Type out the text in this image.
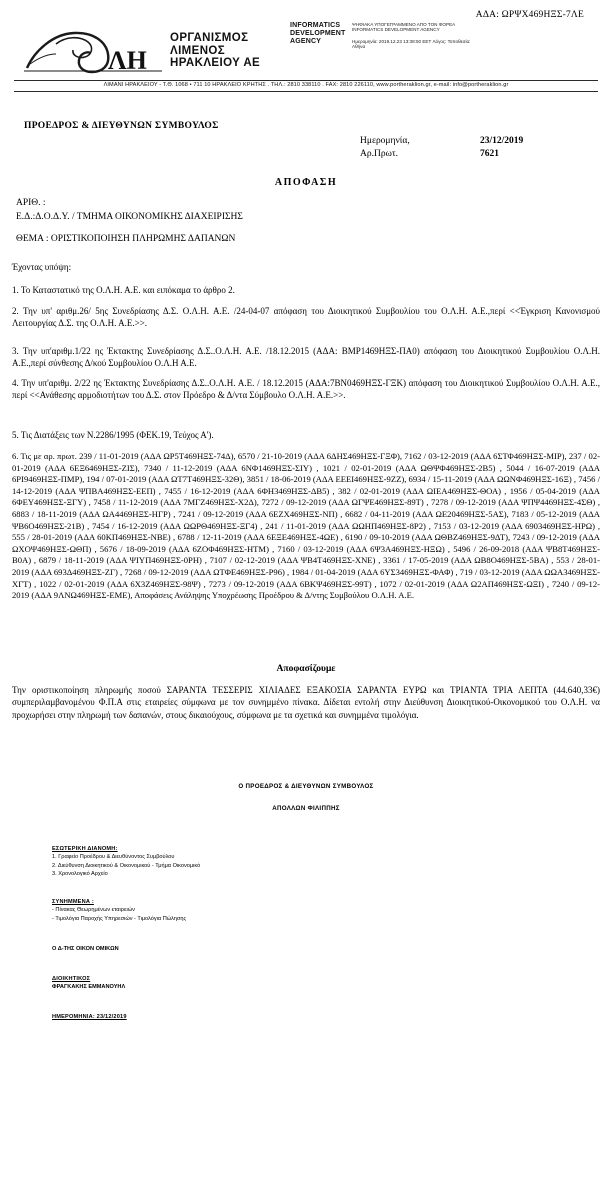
ΑΔΑ: ΩΡΨΧ469ΗΞΣ-7ΛΕ
ΛΗ
ΟΡΓΑΝΙΣΜΟΣ
ΛΙΜΕΝΟΣ
ΗΡΑΚΛΕΙΟΥ ΑΕ
INFORMATICS
DEVELOPMENT
AGENCY
ΨΗΦΙΑΚΑ ΥΠΟΓΕΓΡΑΜΜΕΝΟ ΑΠΟ ΤΟΝ ΦΟΡΕΑ INFORMATICS DEVELOPMENT AGENCY
Ημερομηνία: 2019.12.23 13:38:50 EET Λόγος: Τοποθεσία: Αθήνα
ΛΙΜΑΝΙ ΗΡΑΚΛΕΙΟΥ - Τ.Θ. 1068 • 711 10 ΗΡΑΚΛΕΙΟ ΚΡΗΤΗΣ . ΤΗΛ.: 2810 338110 . FAX: 2810 226110, www.portheraklion.gr, e-mail: info@portheraklion.gr
ΠΡΟΕΔΡΟΣ & ΔΙΕΥΘΥΝΩΝ ΣΥΜΒΟΥΛΟΣ
Ημερομηνία,	23/12/2019
Αρ.Πρωτ.	7621
ΑΠΟΦΑΣΗ
ΑΡΙΘ. :
Ε.Δ.:Δ.Ο.Δ.Υ. / ΤΜΗΜΑ ΟΙΚΟΝΟΜΙΚΗΣ ΔΙΑΧΕΙΡΙΣΗΣ
ΘΕΜΑ : ΟΡΙΣΤΙΚΟΠΟΙΗΣΗ ΠΛΗΡΩΜΗΣ ΔΑΠΑΝΩΝ
Έχοντας υπόψη:
1. Το Καταστατικό της Ο.Λ.Η. Α.Ε. και ειπόκαμα το άρθρο 2.
2. Την υπ' αριθμ.26/ 5ης Συνεδρίασης Δ.Σ. Ο.Λ.Η. Α.Ε. /24-04-07 απόφαση του Διοικητικού Συμβουλίου του Ο.Λ.Η. Α.Ε.,περί <<Έγκριση Κανονισμού Λειτουργίας Δ.Σ. της Ο.Λ.Η. Α.Ε.>>.
3. Την υπ'αριθμ.1/22 ης Έκτακτης Συνεδρίασης Δ.Σ..Ο.Λ.Η. Α.Ε. /18.12.2015 (ΑΔΑ: ΒΜΡ1469ΗΞΣ-ΠΑ0) απόφαση του Διοικητικού Συμβουλίου Ο.Λ.Η. Α.Ε.,περί σύνθεσης Δ/κού Συμβουλίου Ο.Λ.Η Α.Ε.
4. Την υπ'αριθμ. 2/22 ης Έκτακτης Συνεδρίασης Δ.Σ..Ο.Λ.Η. Α.Ε. / 18.12.2015 (ΑΔΑ:7ΒΝ0469ΗΞΣ-ΓΞΚ) απόφαση του Διοικητικού Συμβουλίου Ο.Λ.Η. Α.Ε., περί <<Ανάθεσης αρμοδιοτήτων του Δ.Σ. στον Πρόεδρο & Δ/ντα Σύμβουλο Ο.Λ.Η. Α.Ε.>>.
5. Τις Διατάξεις των Ν.2286/1995 (ΦΕΚ.19, Τεύχος Α').
6. Τις με αρ. πρωτ. 239 / 11-01-2019 (ΑΔΑ ΩΡ5Τ469ΗΞΣ-74Δ), 6570 / 21-10-2019 (ΑΔΑ 6ΔΗΣ469ΗΞΣ-ΓΞΦ), 7162 / 03-12-2019 (ΑΔΑ 6ΣΤΦ469ΗΞΣ-ΜΙΡ), 237 / 02-01-2019 (ΑΔΑ 6ΕΞ6469ΗΞΣ-ΖΙΣ), 7340 / 11-12-2019 (ΑΔΑ 6ΝΦ1469ΗΞΣ-ΣΙΥ) , 1021 / 02-01-2019 (ΑΔΑ ΩΘΨΦ469ΗΞΣ-2Β5) , 5044 / 16-07-2019 (ΑΔΑ 6ΡΙ9469ΗΞΣ-ΠΜΡ), 194 / 07-01-2019 (ΑΔΑ ΩΤ7Τ469ΗΞΣ-32Θ), 3851 / 18-06-2019 (ΑΔΑ ΕΕΕΙ469ΗΞΣ-9ΖΖ), 6934 / 15-11-2019 (ΑΔΑ ΩΩΝΦ469ΗΞΣ-16Ξ) , 7456 / 14-12-2019 (ΑΔΑ ΨΠΒΑ469ΗΞΣ-ΕΕΠ) , 7455 / 16-12-2019 (ΑΔΑ 6ΦΗ3469ΗΞΣ-ΔΒ5) , 382 / 02-01-2019 (ΑΔΑ ΩΙΕΑ469ΗΞΣ-ΘΟΑ) , 1956 / 05-04-2019 (ΑΔΑ 6ΦΕΥ469ΗΞΣ-ΞΓΥ) , 7458 / 11-12-2019 (ΑΔΑ 7ΜΓΖ469ΗΞΣ-Χ2Δ), 7272 / 09-12-2019 (ΑΔΑ ΩΓΨΕ469ΗΞΣ-89Τ) , 7278 / 09-12-2019 (ΑΔΑ ΨΠΨ4469ΗΞΣ-4ΣΘ) , 6883 / 18-11-2019 (ΑΔΑ ΩΑ4469ΗΞΣ-ΗΓΡ) , 7241 / 09-12-2019 (ΑΔΑ 6ΕΖΧ469ΗΞΣ-ΝΠ) , 6682 / 04-11-2019 (ΑΔΑ ΩΕ20469ΗΞΣ-5ΑΣ), 7183 / 05-12-2019 (ΑΔΑ ΨΒ6Ο469ΗΞΣ-21Β) , 7454 / 16-12-2019 (ΑΔΑ ΩΩΡΘ469ΗΞΣ-ΞΓ4) , 241 / 11-01-2019 (ΑΔΑ ΩΩΗΠ469ΗΞΣ-8Ρ2) , 7153 / 03-12-2019 (ΑΔΑ 6903469ΗΞΣ-ΗΡΩ) , 555 / 28-01-2019 (ΑΔΑ 60ΚΠ469ΗΞΣ-ΝΒΕ) , 6788 / 12-11-2019 (ΑΔΑ 6ΕΞΕ469ΗΞΣ-4ΩΕ) , 6190 / 09-10-2019 (ΑΔΑ ΩΘΒΖ469ΗΞΣ-9ΔΤ), 7243 / 09-12-2019 (ΑΔΑ ΩΧΟΨ469ΗΞΣ-ΩΘΠ) , 5676 / 18-09-2019 (ΑΔΑ 6ΖΟΦ469ΗΞΣ-ΗΤΜ) , 7160 / 03-12-2019 (ΑΔΑ 6Ψ3Α469ΗΞΣ-ΗΞΩ) , 5496 / 26-09-2018 (ΑΔΑ ΨΒ8Τ469ΗΞΣ-Β0Α) , 6879 / 18-11-2019 (ΑΔΑ ΨΙΥΠ469ΗΞΣ-0ΡΗ) , 7107 / 02-12-2019 (ΑΔΑ ΨΒ4Τ469ΗΞΣ-ΧΝΕ) , 3361 / 17-05-2019 (ΑΔΑ ΩΒ8Ο469ΗΞΣ-5ΒΑ) , 553 / 28-01-2019 (ΑΔΑ 693Δ469ΗΞΣ-ΖΓ) , 7268 / 09-12-2019 (ΑΔΑ ΩΤΦΕ469ΗΞΣ-Ρ96) , 1984 / 01-04-2019 (ΑΔΑ 6ΥΣ3469ΗΞΣ-ΦΑΦ) , 719 / 03-12-2019 (ΑΔΑ ΩΩΑ3469ΗΞΣ-ΧΓΤ) , 1022 / 02-01-2019 (ΑΔΑ 6Χ3Ζ469ΗΞΣ-98Ψ) , 7273 / 09-12-2019 (ΑΔΑ 6ΒΚΨ469ΗΞΣ-99Τ) , 1072 / 02-01-2019 (ΑΔΑ Ω2ΑΠ469ΗΞΣ-ΩΞΙ) , 7240 / 09-12-2019 (ΑΔΑ 9ΛΝΩ469ΗΞΣ-ΕΜΕ), Αποφάσεις Ανάληψης Υποχρέωσης Προέδρου & Δ/ντης Συμβούλου Ο.Λ.Η. Α.Ε.
Αποφασίζουμε
Την οριστικοποίηση πληρωμής ποσού ΣΑΡΑΝΤΑ ΤΕΣΣΕΡΙΣ ΧΙΛΙΑΔΕΣ ΕΞΑΚΟΣΙΑ ΣΑΡΑΝΤΑ ΕΥΡΩ και ΤΡΙΑΝΤΑ ΤΡΙΑ ΛΕΠΤΑ (44.640,33€) συμπεριλαμβανομένου Φ.Π.Α στις εταιρείες σύμφωνα με τον συνημμένο πίνακα. Δίδεται εντολή στην Διεύθυνση Διοικητικού-Οικονομικού του Ο.Λ.Η. να προχωρήσει στην πληρωμή των δαπανών, στους δικαιούχους, σύμφωνα με τα σχετικά και συνημμένα τιμολόγια.
Ο ΠΡΟΕΔΡΟΣ & ΔΙΕΥΘΥΝΩΝ ΣΥΜΒΟΥΛΟΣ
ΑΠΟΛΛΩΝ ΦΙΛΙΠΠΗΣ
ΕΣΩΤΕΡΙΚΗ ΔΙΑΝΟΜΗ:
1. Γραφείο Προέδρου & Διευθύνοντος Συμβούλου
2. Διεύθυνση Διοικητικού & Οικονομικού - Τμήμα Οικονομικό
3. Χρονολογικό Αρχείο
ΣΥΝΗΜΜΕΝΑ :
- Πίνακας Θεωρημένων εταιρειών
- Τιμολόγια Παροχής Υπηρεσιών - Τιμολόγια Πώλησης
Ο Δ-ΤΗΣ ΟΙΚΟΝ ΟΜΙΚΩΝ
ΔΙΟΙΚΗΤΙΚΟΣ
ΦΡΑΓΚΑΚΗΣ ΕΜΜΑΝΟΥΗΛ
ΗΜΕΡΟΜΗΝΙΑ: 23/12/2019
